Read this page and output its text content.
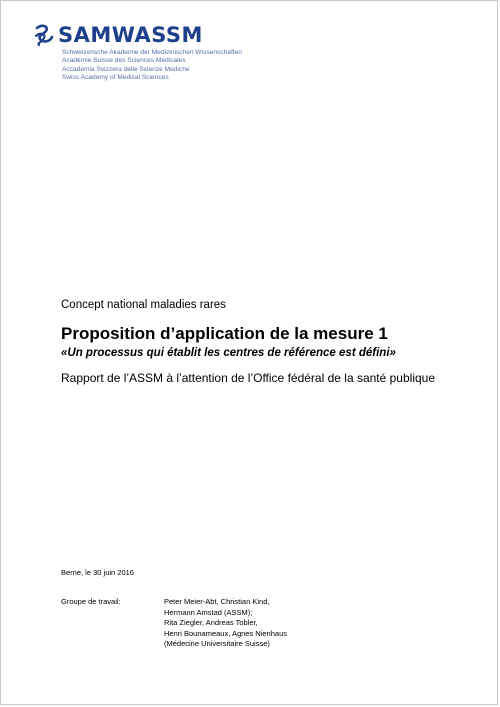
SAMWASSM
Schweizerische Akademie der Medizinischen Wissenschaften
Académie Suisse des Sciences Médicales
Accademia Svizzera delle Scienze Mediche
Swiss Academy of Medical Sciences
Concept national maladies rares
Proposition d’application de la mesure 1
«Un processus qui établit les centres de référence est défini»
Rapport de l’ASSM à l’attention de l’Office fédéral de la santé publique
Berne, le 30 juin 2016
Groupe de travail:	Peter Meier-Abt, Christian Kind,
Hermann Amstad (ASSM);
Rita Ziegler, Andreas Tobler,
Henri Bounameaux, Agnes Nienhaus
(Médecine Universitaire Suisse)
